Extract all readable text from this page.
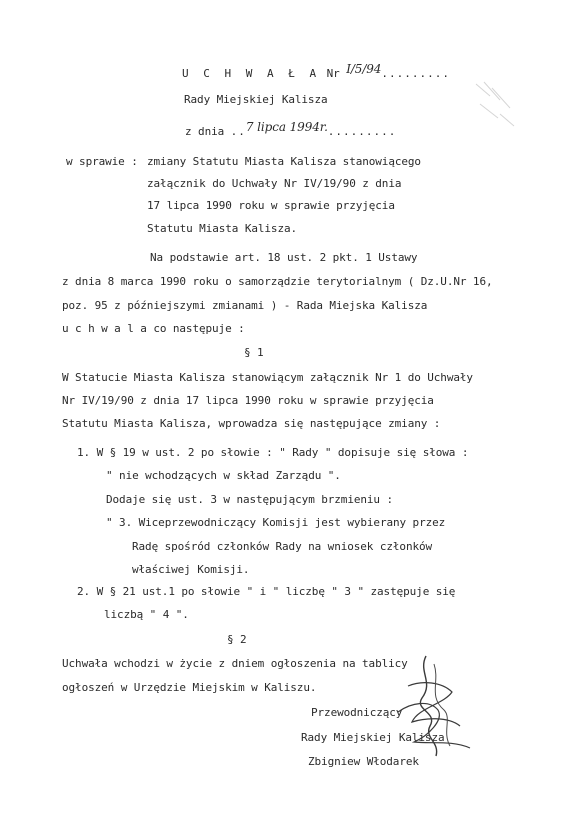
U C H W A Ł A Nr I/5/94.........
Rady Miejskiej Kalisza
z dnia ..7 lipca 1994r..........
w sprawie : zmiany Statutu Miasta Kalisza stanowiącego
załącznik do Uchwały Nr IV/19/90 z dnia
17 lipca 1990 roku w sprawie przyjęcia
Statutu Miasta Kalisza.
Na podstawie art. 18 ust. 2 pkt. 1 Ustawy
z dnia 8 marca 1990 roku o samorządzie terytorialnym ( Dz.U.Nr 16,
poz. 95 z późniejszymi zmianami ) - Rada Miejska Kalisza
u c h w a l a co następuje :
§ 1
W Statucie Miasta Kalisza stanowiącym załącznik Nr 1 do Uchwały
Nr IV/19/90 z dnia 17 lipca 1990 roku w sprawie przyjęcia
Statutu Miasta Kalisza, wprowadza się następujące zmiany :
1. W § 19 w ust. 2 po słowie : " Rady " dopisuje się słowa :
" nie wchodzących w skład Zarządu ".
Dodaje się ust. 3 w następującym brzmieniu :
" 3. Wiceprzewodniczący Komisji jest wybierany przez
Radę spośród członków Rady na wniosek członków
właściwej Komisji.
2. W § 21 ust.1 po słowie " i " liczbę " 3 " zastępuje się
liczbą " 4 ".
§ 2
Uchwała wchodzi w życie z dniem ogłoszenia na tablicy
ogłoszeń w Urzędzie Miejskim w Kaliszu.
Przewodniczący
Rady Miejskiej Kalisza
Zbigniew Włodarek
